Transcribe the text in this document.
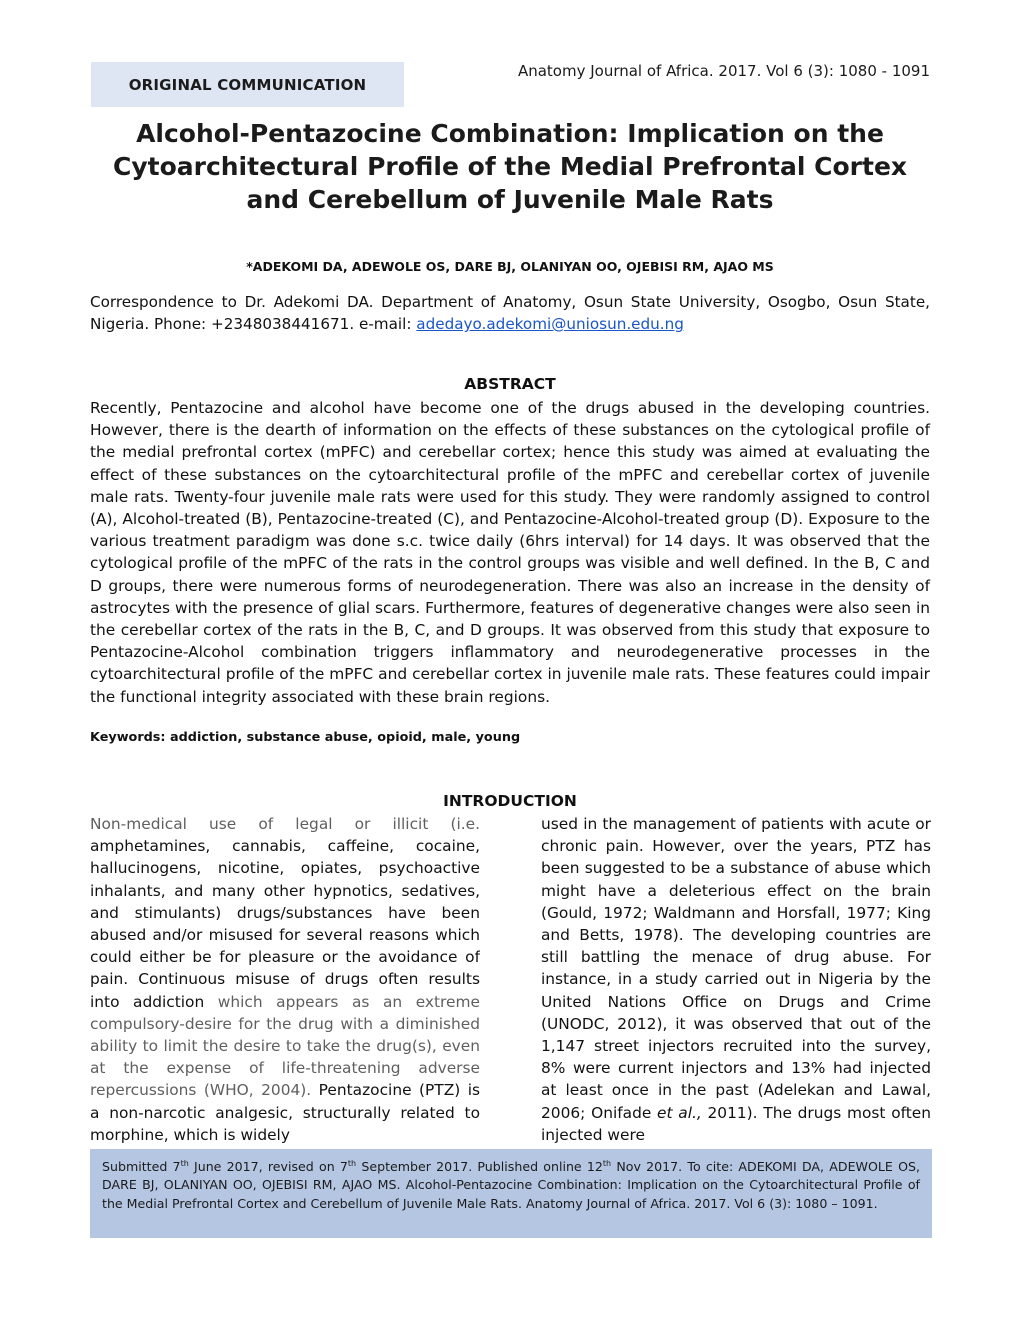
ORIGINAL COMMUNICATION
Anatomy Journal of Africa. 2017. Vol 6 (3): 1080 - 1091
Alcohol-Pentazocine Combination: Implication on the Cytoarchitectural Profile of the Medial Prefrontal Cortex and Cerebellum of Juvenile Male Rats
*ADEKOMI DA, ADEWOLE OS, DARE BJ, OLANIYAN OO, OJEBISI RM, AJAO MS
Correspondence to Dr. Adekomi DA. Department of Anatomy, Osun State University, Osogbo, Osun State, Nigeria. Phone: +2348038441671. e-mail: adedayo.adekomi@uniosun.edu.ng
ABSTRACT

Recently, Pentazocine and alcohol have become one of the drugs abused in the developing countries. However, there is the dearth of information on the effects of these substances on the cytological profile of the medial prefrontal cortex (mPFC) and cerebellar cortex; hence this study was aimed at evaluating the effect of these substances on the cytoarchitectural profile of the mPFC and cerebellar cortex of juvenile male rats. Twenty-four juvenile male rats were used for this study. They were randomly assigned to control (A), Alcohol-treated (B), Pentazocine-treated (C), and Pentazocine-Alcohol-treated group (D). Exposure to the various treatment paradigm was done s.c. twice daily (6hrs interval) for 14 days. It was observed that the cytological profile of the mPFC of the rats in the control groups was visible and well defined. In the B, C and D groups, there were numerous forms of neurodegeneration. There was also an increase in the density of astrocytes with the presence of glial scars. Furthermore, features of degenerative changes were also seen in the cerebellar cortex of the rats in the B, C, and D groups. It was observed from this study that exposure to Pentazocine-Alcohol combination triggers inflammatory and neurodegenerative processes in the cytoarchitectural profile of the mPFC and cerebellar cortex in juvenile male rats. These features could impair the functional integrity associated with these brain regions.

Keywords: addiction, substance abuse, opioid, male, young
INTRODUCTION

Non-medical use of legal or illicit (i.e. amphetamines, cannabis, caffeine, cocaine, hallucinogens, nicotine, opiates, psychoactive inhalants, and many other hypnotics, sedatives, and stimulants) drugs/substances have been abused and/or misused for several reasons which could either be for pleasure or the avoidance of pain. Continuous misuse of drugs often results into addiction which appears as an extreme compulsory-desire for the drug with a diminished ability to limit the desire to take the drug(s), even at the expense of life-threatening adverse repercussions (WHO, 2004). Pentazocine (PTZ) is a non-narcotic analgesic, structurally related to morphine, which is widely

used in the management of patients with acute or chronic pain. However, over the years, PTZ has been suggested to be a substance of abuse which might have a deleterious effect on the brain (Gould, 1972; Waldmann and Horsfall, 1977; King and Betts, 1978). The developing countries are still battling the menace of drug abuse. For instance, in a study carried out in Nigeria by the United Nations Office on Drugs and Crime (UNODC, 2012), it was observed that out of the 1,147 street injectors recruited into the survey, 8% were current injectors and 13% had injected at least once in the past (Adelekan and Lawal, 2006; Onifade et al., 2011). The drugs most often injected were

Submitted 7th June 2017, revised on 7th September 2017. Published online 12th Nov 2017. To cite: ADEKOMI DA, ADEWOLE OS, DARE BJ, OLANIYAN OO, OJEBISI RM, AJAO MS. Alcohol-Pentazocine Combination: Implication on the Cytoarchitectural Profile of the Medial Prefrontal Cortex and Cerebellum of Juvenile Male Rats. Anatomy Journal of Africa. 2017. Vol 6 (3): 1080 – 1091.
